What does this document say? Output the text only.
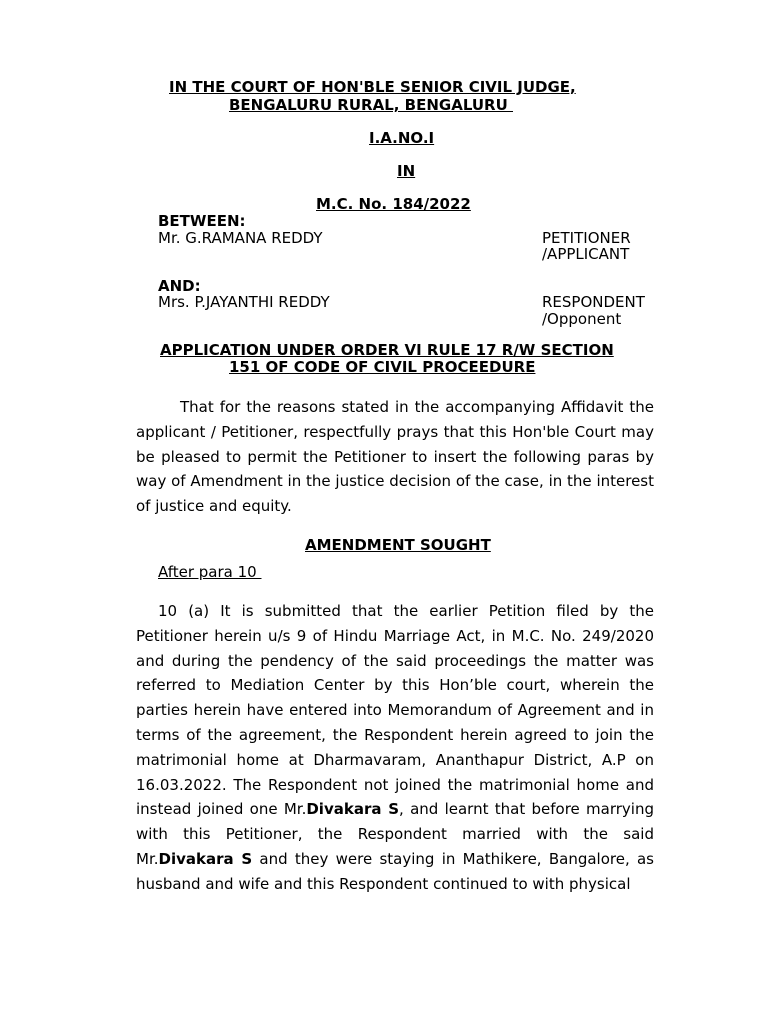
IN THE COURT OF HON'BLE SENIOR CIVIL JUDGE,
BENGALURU RURAL, BENGALURU
I.A.NO.I
IN
M.C. No. 184/2022
BETWEEN:
Mr. G.RAMANA REDDY	PETITIONER
/APPLICANT
AND:
Mrs. P.JAYANTHI REDDY	RESPONDENT
/Opponent
APPLICATION UNDER ORDER VI RULE 17 R/W SECTION
151 OF CODE OF CIVIL PROCEEDURE

That for the reasons stated in the accompanying Affidavit the applicant / Petitioner, respectfully prays that this Hon'ble Court may be pleased to permit the Petitioner to insert the following paras by way of Amendment in the justice decision of the case, in the interest of justice and equity.

AMENDMENT SOUGHT
After para 10

10 (a) It is submitted that the earlier Petition filed by the Petitioner herein u/s 9 of Hindu Marriage Act, in M.C. No. 249/2020 and during the pendency of the said proceedings the matter was referred to Mediation Center by this Hon’ble court, wherein the parties herein have entered into Memorandum of Agreement and in terms of the agreement, the Respondent herein agreed to join the matrimonial home at Dharmavaram, Ananthapur District, A.P on 16.03.2022. The Respondent not joined the matrimonial home and instead joined one Mr.Divakara S, and learnt that before marrying with this Petitioner, the Respondent married with the said Mr.Divakara S and they were staying in Mathikere, Bangalore, as husband and wife and this Respondent continued to with physical
